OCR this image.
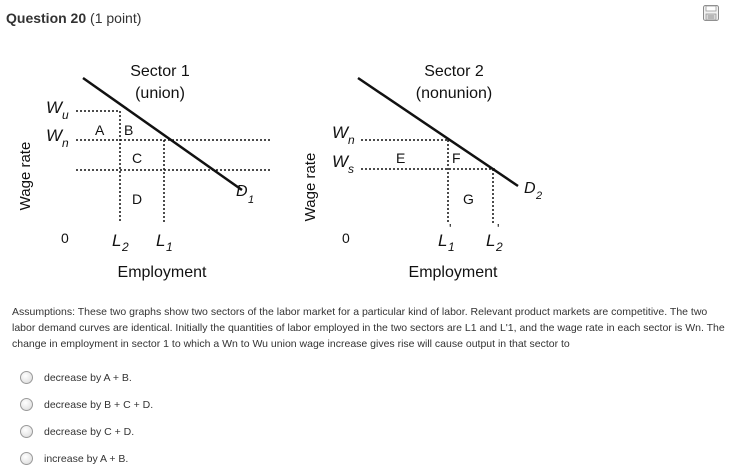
Question 20 (1 point)
Sector 1
(union)
Wage rate
W u
W n
A B
C
D	D 1
0	L 2 L 1
Employment
Sector 2
(nonunion)
Wage rate
W n
W s
E	F
G
D 2
0	L
'
1 L
'
2
Employment
Assumptions: These two graphs show two sectors of the labor market for a particular kind of labor. Relevant product markets are competitive. The two labor demand curves are identical. Initially the quantities of labor employed in the two sectors are L1 and L'1, and the wage rate in each sector is Wn. The change in employment in sector 1 to which a Wn to Wu union wage increase gives rise will cause output in that sector to
decrease by A + B.
decrease by B + C + D.
decrease by C + D.
increase by A + B.
